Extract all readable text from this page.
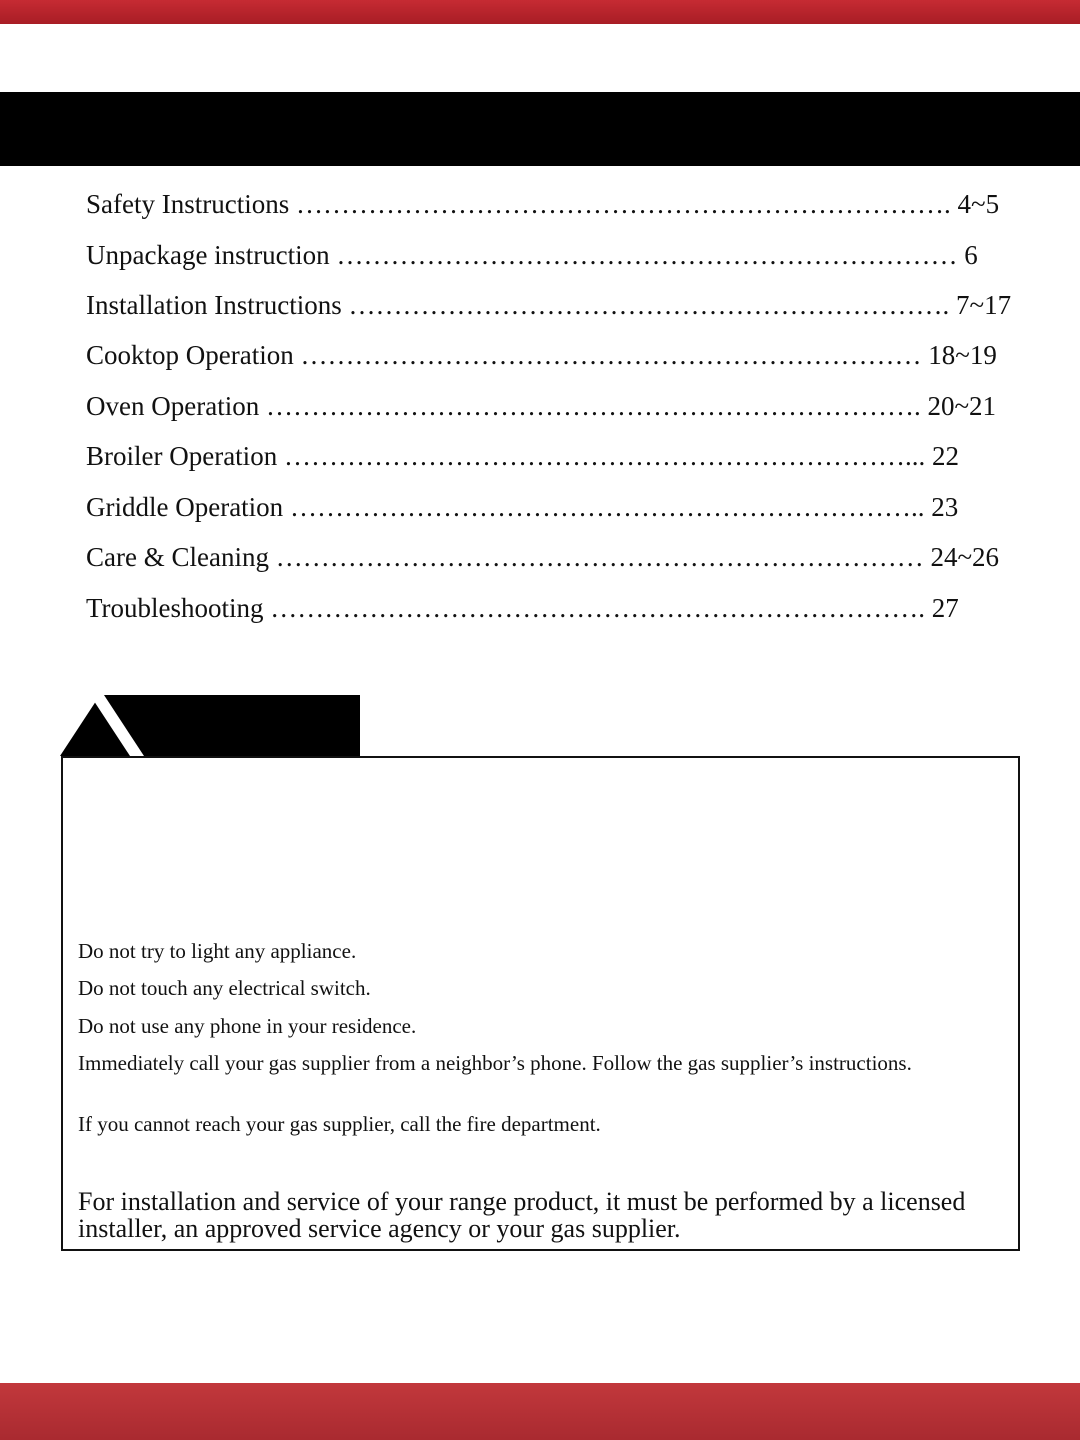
Safety Instructions ………………………………………………………………. 4~5
Unpackage instruction …………………………………………………………… 6
Installation Instructions …………………………………………………………. 7~17
Cooktop Operation …………………………………………………………… 18~19
Oven Operation ………………………………………………………………. 20~21
Broiler Operation ……………………………………………………………... 22
Griddle Operation …………………………………………………………….. 23
Care & Cleaning ……………………………………………………………… 24~26
Troubleshooting ………………………………………………………………. 27
Do not try to light any appliance.
Do not touch any electrical switch.
Do not use any phone in your residence.
Immediately call your gas supplier from a neighbor’s phone. Follow the gas supplier’s instructions.
If you cannot reach your gas supplier, call the fire department.
For installation and service of your range product, it must be performed by a licensed installer, an approved service agency or your gas supplier.
